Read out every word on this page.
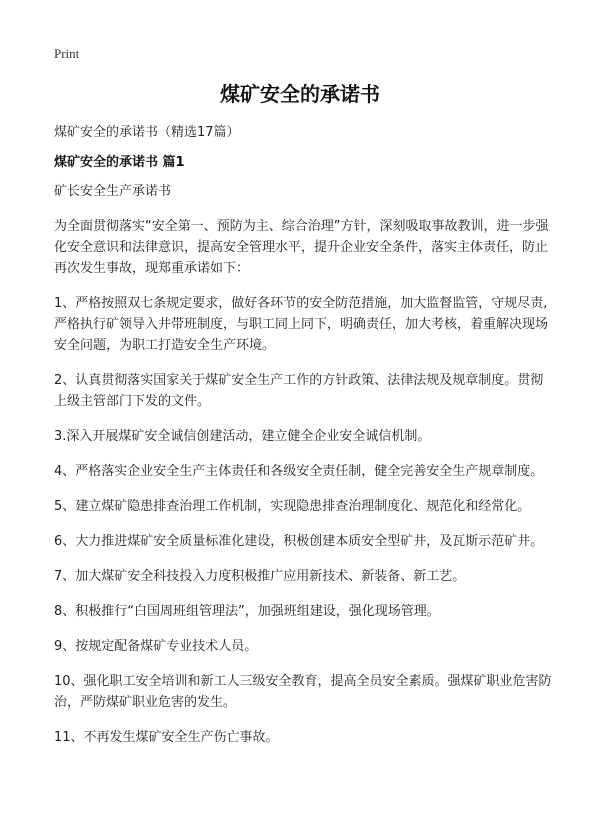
Print
煤矿安全的承诺书
煤矿安全的承诺书（精选17篇）
煤矿安全的承诺书 篇1

矿长安全生产承诺书

为全面贯彻落实“安全第一、预防为主、综合治理”方针，深刻吸取事故教训，进一步强化安全意识和法律意识，提高安全管理水平，提升企业安全条件，落实主体责任，防止再次发生事故，现郑重承诺如下：

1、严格按照双七条规定要求，做好各环节的安全防范措施，加大监督监管，守规尽责,严格执行矿领导入井带班制度，与职工同上同下，明确责任，加大考核，着重解决现场安全问题，为职工打造安全生产环境。

2、认真贯彻落实国家关于煤矿安全生产工作的方针政策、法律法规及规章制度。贯彻上级主管部门下发的文件。

3.深入开展煤矿安全诚信创建活动，建立健全企业安全诚信机制。

4、严格落实企业安全生产主体责任和各级安全责任制，健全完善安全生产规章制度。

5、建立煤矿隐患排查治理工作机制，实现隐患排查治理制度化、规范化和经常化。

6、大力推进煤矿安全质量标准化建设，积极创建本质安全型矿井，及瓦斯示范矿井。

7、加大煤矿安全科技投入力度积极推广应用新技术、新装备、新工艺。

8、积极推行“白国周班组管理法”，加强班组建设，强化现场管理。

9、按规定配备煤矿专业技术人员。

10、强化职工安全培训和新工人三级安全教育，提高全员安全素质。强煤矿职业危害防治，严防煤矿职业危害的发生。

11、不再发生煤矿安全生产伤亡事故。
